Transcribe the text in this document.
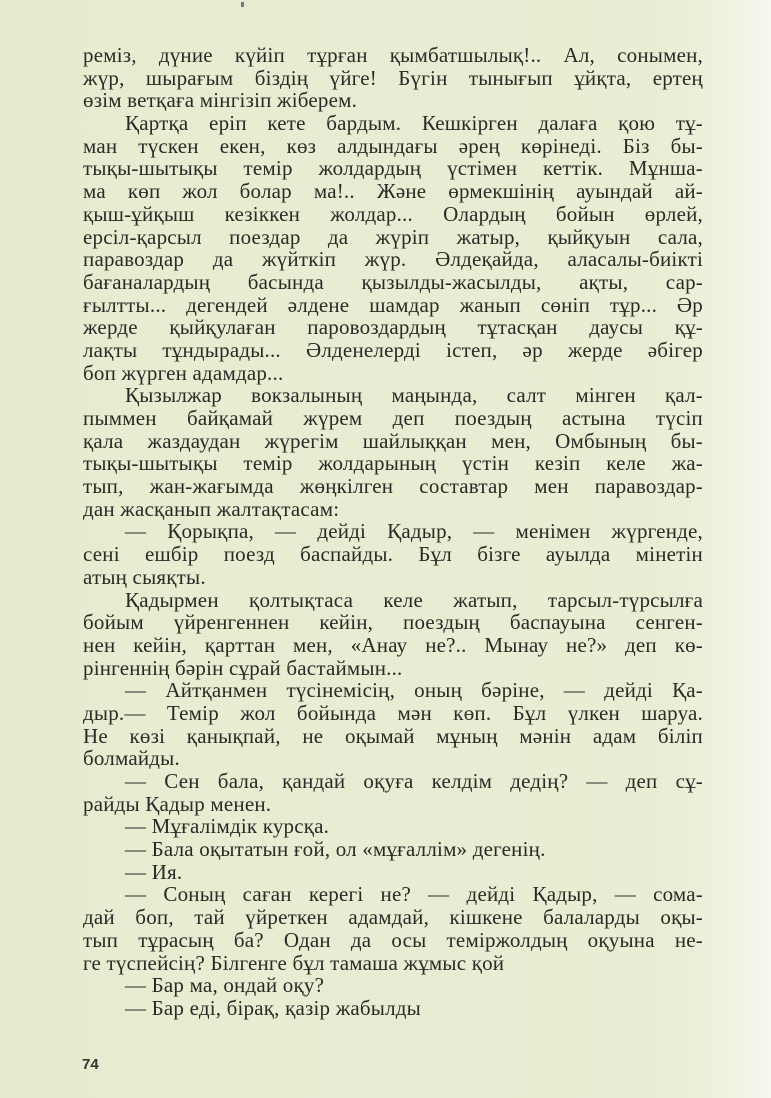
реміз, дүние күйіп тұрған қымбатшылық!.. Ал, сонымен,
жүр, шырағым біздің үйге! Бүгін тынығып ұйқта, ертең
өзім ветқаға мінгізіп жіберем.
Қартқа еріп кете бардым. Кешкірген далаға қою тұ-
ман түскен екен, көз алдындағы әрең көрінеді. Біз бы-
тықы-шытықы темір жолдардың үстімен кеттік. Мұнша-
ма көп жол болар ма!.. Және өрмекшінің ауындай ай-
қыш-ұйқыш кезіккен жолдар... Олардың бойын өрлей,
ерсіл-қарсыл поездар да жүріп жатыр, қыйқуын сала,
паравоздар да жүйткіп жүр. Әлдеқайда, аласалы-биікті
бағаналардың басында қызылды-жасылды, ақты, сар-
ғылтты... дегендей әлдене шамдар жанып сөніп тұр... Әр
жерде қыйқулаған паровоздардың тұтасқан даусы құ-
лақты тұндырады... Әлденелерді істеп, әр жерде әбігер
боп жүрген адамдар...
Қызылжар вокзалының маңында, салт мінген қал-
пыммен байқамай жүрем деп поездың астына түсіп
қала жаздаудан жүрегім шайлыққан мен, Омбының бы-
тықы-шытықы темір жолдарының үстін кезіп келе жа-
тып, жан-жағымда жөңкілген составтар мен паравоздар-
дан жасқанып жалтақтасам:
— Қорықпа, — дейді Қадыр, — менімен жүргенде,
сені ешбір поезд баспайды. Бұл бізге ауылда мінетін
атың сыяқты.
Қадырмен қолтықтаса келе жатып, тарсыл-түрсылға
бойым үйренгеннен кейін, поездың баспауына сенген-
нен кейін, қарттан мен, «Анау не?.. Мынау не?» деп кө-
рінгеннің бәрін сұрай бастаймын...
— Айтқанмен түсінемісің, оның бәріне, — дейді Қа-
дыр.— Темір жол бойында мән көп. Бұл үлкен шаруа.
Не көзі қанықпай, не оқымай мұның мәнін адам біліп
болмайды.
— Сен бала, қандай оқуға келдім дедің? — деп сұ-
райды Қадыр менен.
— Мұғалімдік курсқа.
— Бала оқытатын ғой, ол «мұғаллім» дегенің.
— Ия.
— Соның саған керегі не? — дейді Қадыр, — сома-
дай боп, тай үйреткен адамдай, кішкене балаларды оқы-
тып тұрасың ба? Одан да осы теміржолдың оқуына не-
ге түспейсің? Білгенге бұл тамаша жұмыс қой
— Бар ма, ондай оқу?
— Бар еді, бірақ, қазір жабылды
74
